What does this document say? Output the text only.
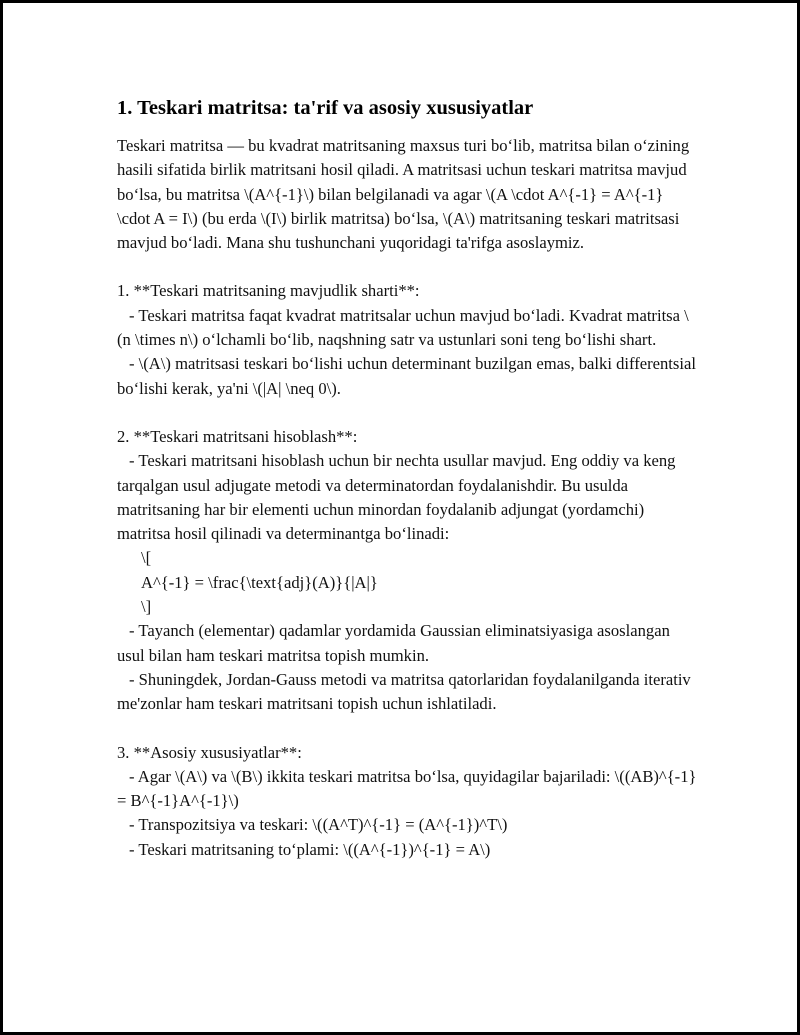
1. Teskari matritsa: ta'rif va asosiy xususiyatlar

Teskari matritsa — bu kvadrat matritsaning maxsus turi bo‘lib, matritsa bilan o‘zining hasili sifatida birlik matritsani hosil qiladi. A matritsasi uchun teskari matritsa mavjud bo‘lsa, bu matritsa \(A^{-1}\) bilan belgilanadi va agar \(A \cdot A^{-1} = A^{-1} \cdot A = I\) (bu erda \(I\) birlik matritsa) bo‘lsa, \(A\) matritsaning teskari matritsasi mavjud bo‘ladi. Mana shu tushunchani yuqoridagi ta'rifga asoslaymiz.

1. **Teskari matritsaning mavjudlik sharti**:

- Teskari matritsa faqat kvadrat matritsalar uchun mavjud bo‘ladi. Kvadrat matritsa \(n \times n\) o‘lchamli bo‘lib, naqshning satr va ustunlari soni teng bo‘lishi shart.

- \(A\) matritsasi teskari bo‘lishi uchun determinant buzilgan emas, balki differentsial bo‘lishi kerak, ya'ni \(|A| \neq 0\).

2. **Teskari matritsani hisoblash**:

- Teskari matritsani hisoblash uchun bir nechta usullar mavjud. Eng oddiy va keng tarqalgan usul adjugate metodi va determinatordan foydalanishdir. Bu usulda matritsaning har bir elementi uchun minordan foydalanib adjungat (yordamchi) matritsa hosil qilinadi va determinantga bo‘linadi:

\[
A^{-1} = \frac{\text{adj}(A)}{|A|}
\]

- Tayanch (elementar) qadamlar yordamida Gaussian eliminatsiyasiga asoslangan usul bilan ham teskari matritsa topish mumkin.

- Shuningdek, Jordan-Gauss metodi va matritsa qatorlaridan foydalanilganda iterativ me'zonlar ham teskari matritsani topish uchun ishlatiladi.

3. **Asosiy xususiyatlar**:

- Agar \(A\) va \(B\) ikkita teskari matritsa bo‘lsa, quyidagilar bajariladi: \((AB)^{-1} = B^{-1}A^{-1}\)

- Transpozitsiya va teskari: \((A^T)^{-1} = (A^{-1})^T\)

- Teskari matritsaning to‘plami: \((A^{-1})^{-1} = A\)
